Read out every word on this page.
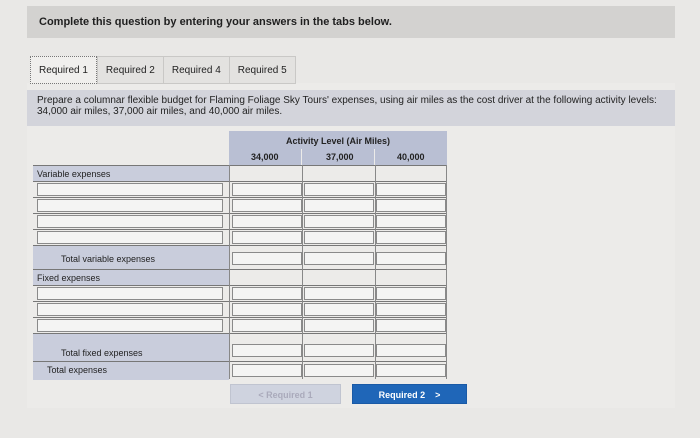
Complete this question by entering your answers in the tabs below.
Required 1	Required 2	Required 4	Required 5
Prepare a columnar flexible budget for Flaming Foliage Sky Tours' expenses, using air miles as the cost driver at the following activity levels: 34,000 air miles, 37,000 air miles, and 40,000 air miles.
Activity Level (Air Miles)
34,000	37,000	40,000
Variable expenses
Total variable expenses
Fixed expenses
Total fixed expenses
Total expenses
< Required 1	Required 2 >
